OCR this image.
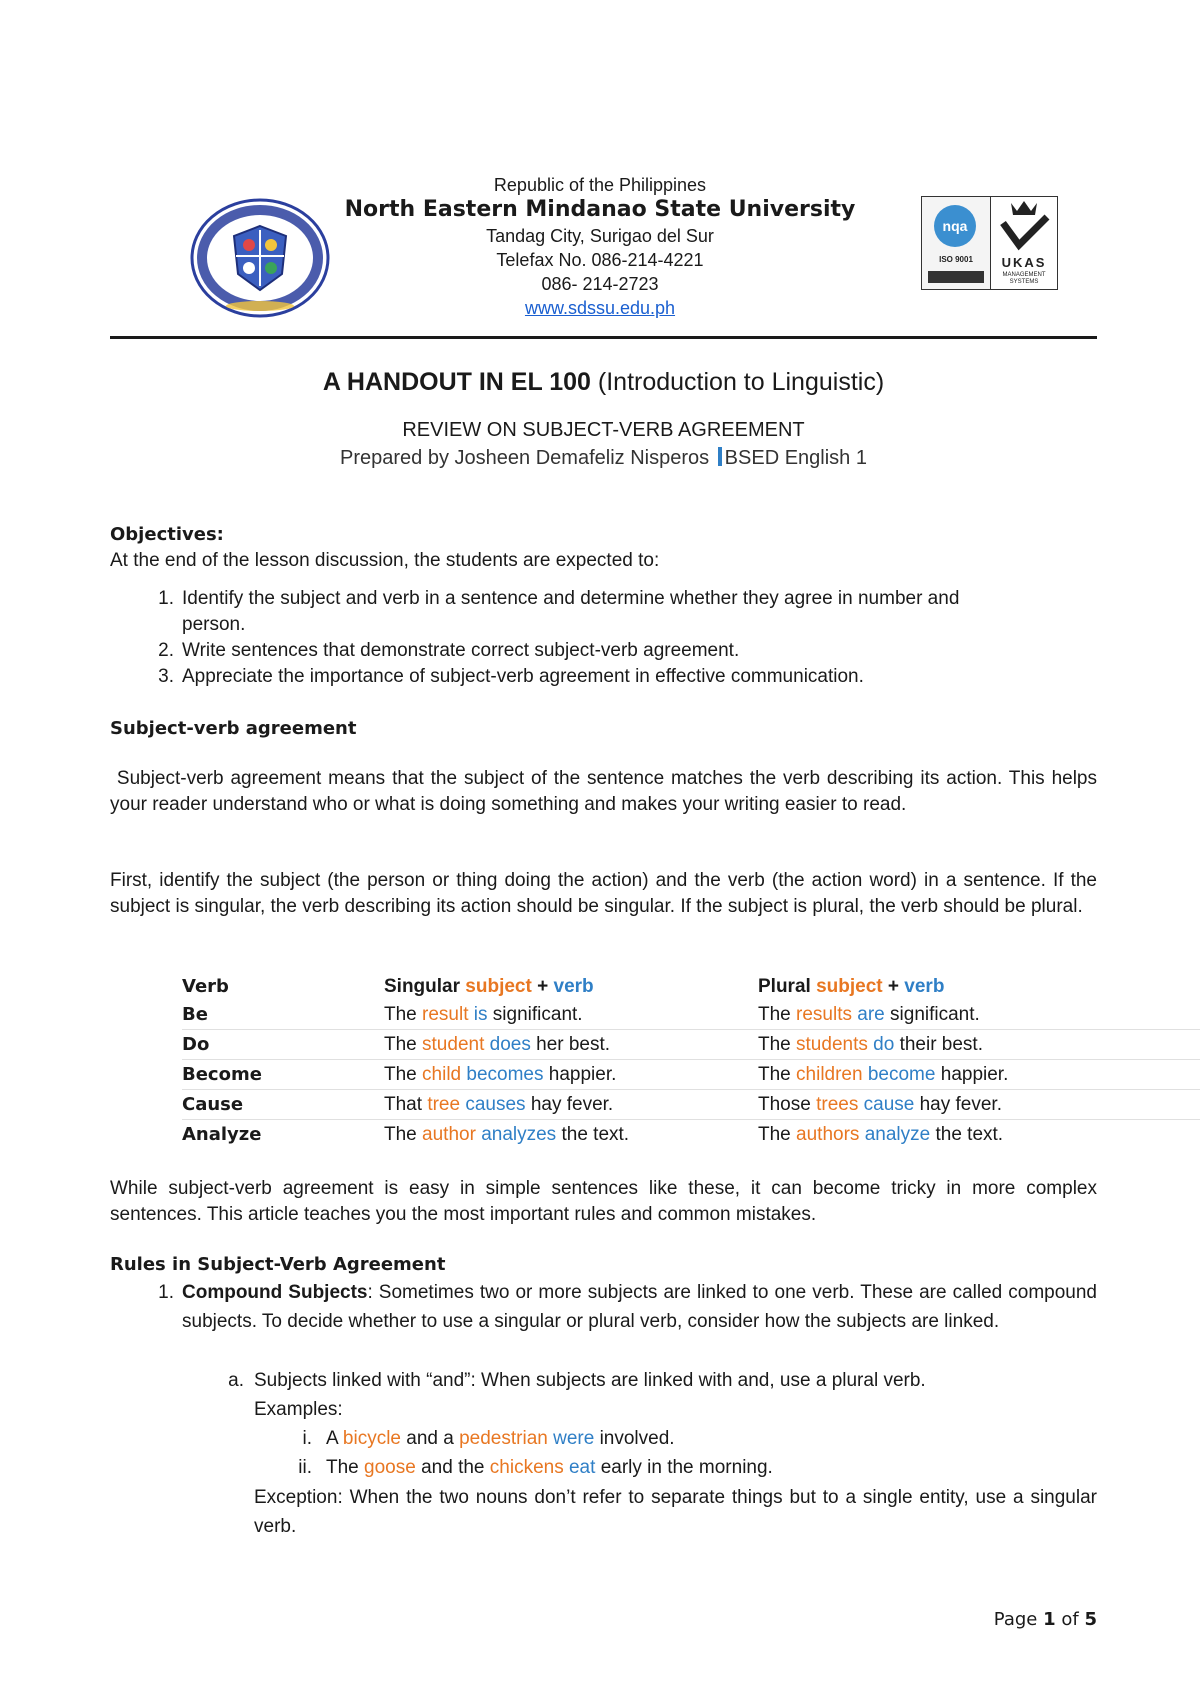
Republic of the Philippines
North Eastern Mindanao State University
Tandag City, Surigao del Sur
Telefax No. 086-214-4221
086- 214-2723
www.sdssu.edu.ph
nqa
ISO 9001	UKAS
MANAGEMENT SYSTEMS
A HANDOUT IN EL 100 (Introduction to Linguistic)
REVIEW ON SUBJECT-VERB AGREEMENT
Prepared by Josheen Demafeliz Nisperos BSED English 1
Objectives:
At the end of the lesson discussion, the students are expected to:
1. Identify the subject and verb in a sentence and determine whether they agree in number and
person.
2. Write sentences that demonstrate correct subject-verb agreement.
3. Appreciate the importance of subject-verb agreement in effective communication.
Subject-verb agreement
Subject-verb agreement means that the subject of the sentence matches the verb describing its action. This helps your reader understand who or what is doing something and makes your writing easier to read.
First, identify the subject (the person or thing doing the action) and the verb (the action word) in a sentence. If the subject is singular, the verb describing its action should be singular. If the subject is plural, the verb should be plural.
Verb	Singular subject + verb	Plural subject + verb
Be	The result is significant.	The results are significant.
Do	The student does her best.	The students do their best.
Become	The child becomes happier.	The children become happier.
Cause	That tree causes hay fever.	Those trees cause hay fever.
Analyze	The author analyzes the text.	The authors analyze the text.
While subject-verb agreement is easy in simple sentences like these, it can become tricky in more complex sentences. This article teaches you the most important rules and common mistakes.
Rules in Subject-Verb Agreement
1. Compound Subjects: Sometimes two or more subjects are linked to one verb. These are called compound subjects. To decide whether to use a singular or plural verb, consider how the subjects are linked.
a. Subjects linked with “and”: When subjects are linked with and, use a plural verb.
Examples:
i. A bicycle and a pedestrian were involved.
ii. The goose and the chickens eat early in the morning.
Exception: When the two nouns don’t refer to separate things but to a single entity, use a singular verb.
Page 1 of 5
